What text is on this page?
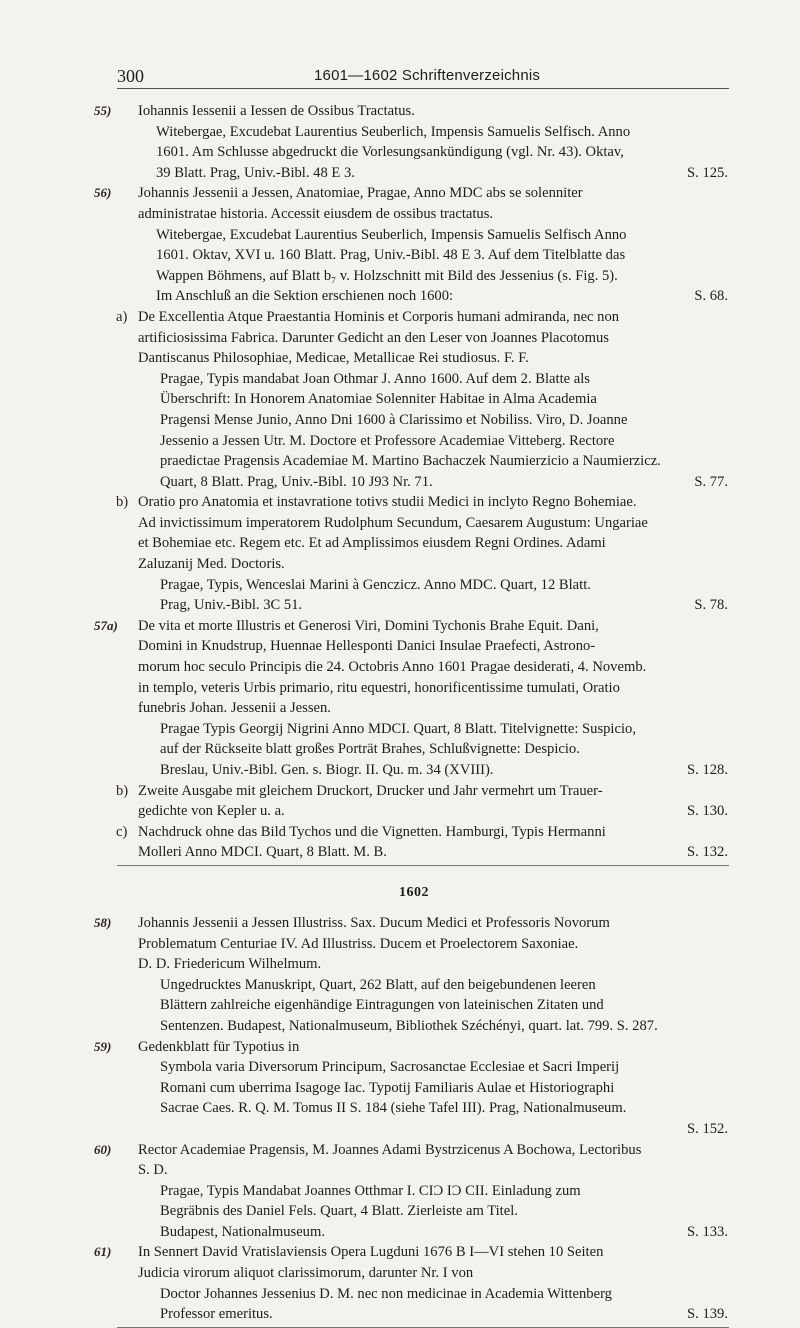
300	1601—1602 Schriftenverzeichnis
55) Iohannis Iessenii a Iessen de Ossibus Tractatus.
Witebergae, Excudebat Laurentius Seuberlich, Impensis Samuelis Selfisch. Anno
1601. Am Schlusse abgedruckt die Vorlesungsankündigung (vgl. Nr. 43). Oktav,
39 Blatt. Prag, Univ.-Bibl. 48 E 3.	S. 125.
56) Johannis Jessenii a Jessen, Anatomiae, Pragae, Anno MDC abs se solenniter
administratae historia. Accessit eiusdem de ossibus tractatus.
Witebergae, Excudebat Laurentius Seuberlich, Impensis Samuelis Selfisch Anno
1601. Oktav, XVI u. 160 Blatt. Prag, Univ.-Bibl. 48 E 3. Auf dem Titelblatte das
Wappen Böhmens, auf Blatt b₇ v. Holzschnitt mit Bild des Jessenius (s. Fig. 5).
Im Anschluß an die Sektion erschienen noch 1600:	S. 68.
a) De Excellentia Atque Praestantia Hominis et Corporis humani admiranda, nec non
artificiosissima Fabrica. Darunter Gedicht an den Leser von Joannes Placotomus
Dantiscanus Philosophiae, Medicae, Metallicae Rei studiosus. F. F.
Pragae, Typis mandabat Joan Othmar J. Anno 1600. Auf dem 2. Blatte als
Überschrift: In Honorem Anatomiae Solenniter Habitae in Alma Academia
Pragensi Mense Junio, Anno Dni 1600 à Clarissimo et Nobiliss. Viro, D. Joanne
Jessenio a Jessen Utr. M. Doctore et Professore Academiae Vitteberg. Rectore
praedictae Pragensis Academiae M. Martino Bachaczek Naumierzicio a Naumierzicz.
Quart, 8 Blatt. Prag, Univ.-Bibl. 10 J93 Nr. 71.	S. 77.
b) Oratio pro Anatomia et instavratione totivs studii Medici in inclyto Regno Bohemiae.
Ad invictissimum imperatorem Rudolphum Secundum, Caesarem Augustum: Ungariae
et Bohemiae etc. Regem etc. Et ad Amplissimos eiusdem Regni Ordines. Adami
Zaluzanij Med. Doctoris.
Pragae, Typis, Wenceslai Marini à Genczicz. Anno MDC. Quart, 12 Blatt.
Prag, Univ.-Bibl. 3C 51.	S. 78.
57a) De vita et morte Illustris et Generosi Viri, Domini Tychonis Brahe Equit. Dani,
Domini in Knudstrup, Huennae Hellesponti Danici Insulae Praefecti, Astrono-
morum hoc seculo Principis die 24. Octobris Anno 1601 Pragae desiderati, 4. Novemb.
in templo, veteris Urbis primario, ritu equestri, honorificentissime tumulati, Oratio
funebris Johan. Jessenii a Jessen.
Pragae Typis Georgij Nigrini Anno MDCI. Quart, 8 Blatt. Titelvignette: Suspicio,
auf der Rückseite blatt großes Porträt Brahes, Schlußvignette: Despicio.
Breslau, Univ.-Bibl. Gen. s. Biogr. II. Qu. m. 34 (XVIII).	S. 128.
b) Zweite Ausgabe mit gleichem Druckort, Drucker und Jahr vermehrt um Trauer-
gedichte von Kepler u. a.	S. 130.
c) Nachdruck ohne das Bild Tychos und die Vignetten. Hamburgi, Typis Hermanni
Molleri Anno MDCI. Quart, 8 Blatt. M. B.	S. 132.
1602
58) Johannis Jessenii a Jessen Illustriss. Sax. Ducum Medici et Professoris Novorum
Problematum Centuriae IV. Ad Illustriss. Ducem et Proelectorem Saxoniae.
D. D. Friedericum Wilhelmum.
Ungedrucktes Manuskript, Quart, 262 Blatt, auf den beigebundenen leeren
Blättern zahlreiche eigenhändige Eintragungen von lateinischen Zitaten und
Sentenzen. Budapest, Nationalmuseum, Bibliothek Széchényi, quart. lat. 799. S. 287.
59) Gedenkblatt für Typotius in
Symbola varia Diversorum Principum, Sacrosanctae Ecclesiae et Sacri Imperij
Romani cum uberrima Isagoge Iac. Typotij Familiaris Aulae et Historiographi
Sacrae Caes. R. Q. M. Tomus II S. 184 (siehe Tafel III). Prag, Nationalmuseum.
S. 152.
60) Rector Academiae Pragensis, M. Joannes Adami Bystrzicenus A Bochowa, Lectoribus
S. D.
Pragae, Typis Mandabat Joannes Otthmar I. CIƆ IƆ CII. Einladung zum
Begräbnis des Daniel Fels. Quart, 4 Blatt. Zierleiste am Titel.
Budapest, Nationalmuseum.	S. 133.
61) In Sennert David Vratislaviensis Opera Lugduni 1676 B I—VI stehen 10 Seiten
Judicia virorum aliquot clarissimorum, darunter Nr. I von
Doctor Johannes Jessenius D. M. nec non medicinae in Academia Wittenberg
Professor emeritus.	S. 139.
